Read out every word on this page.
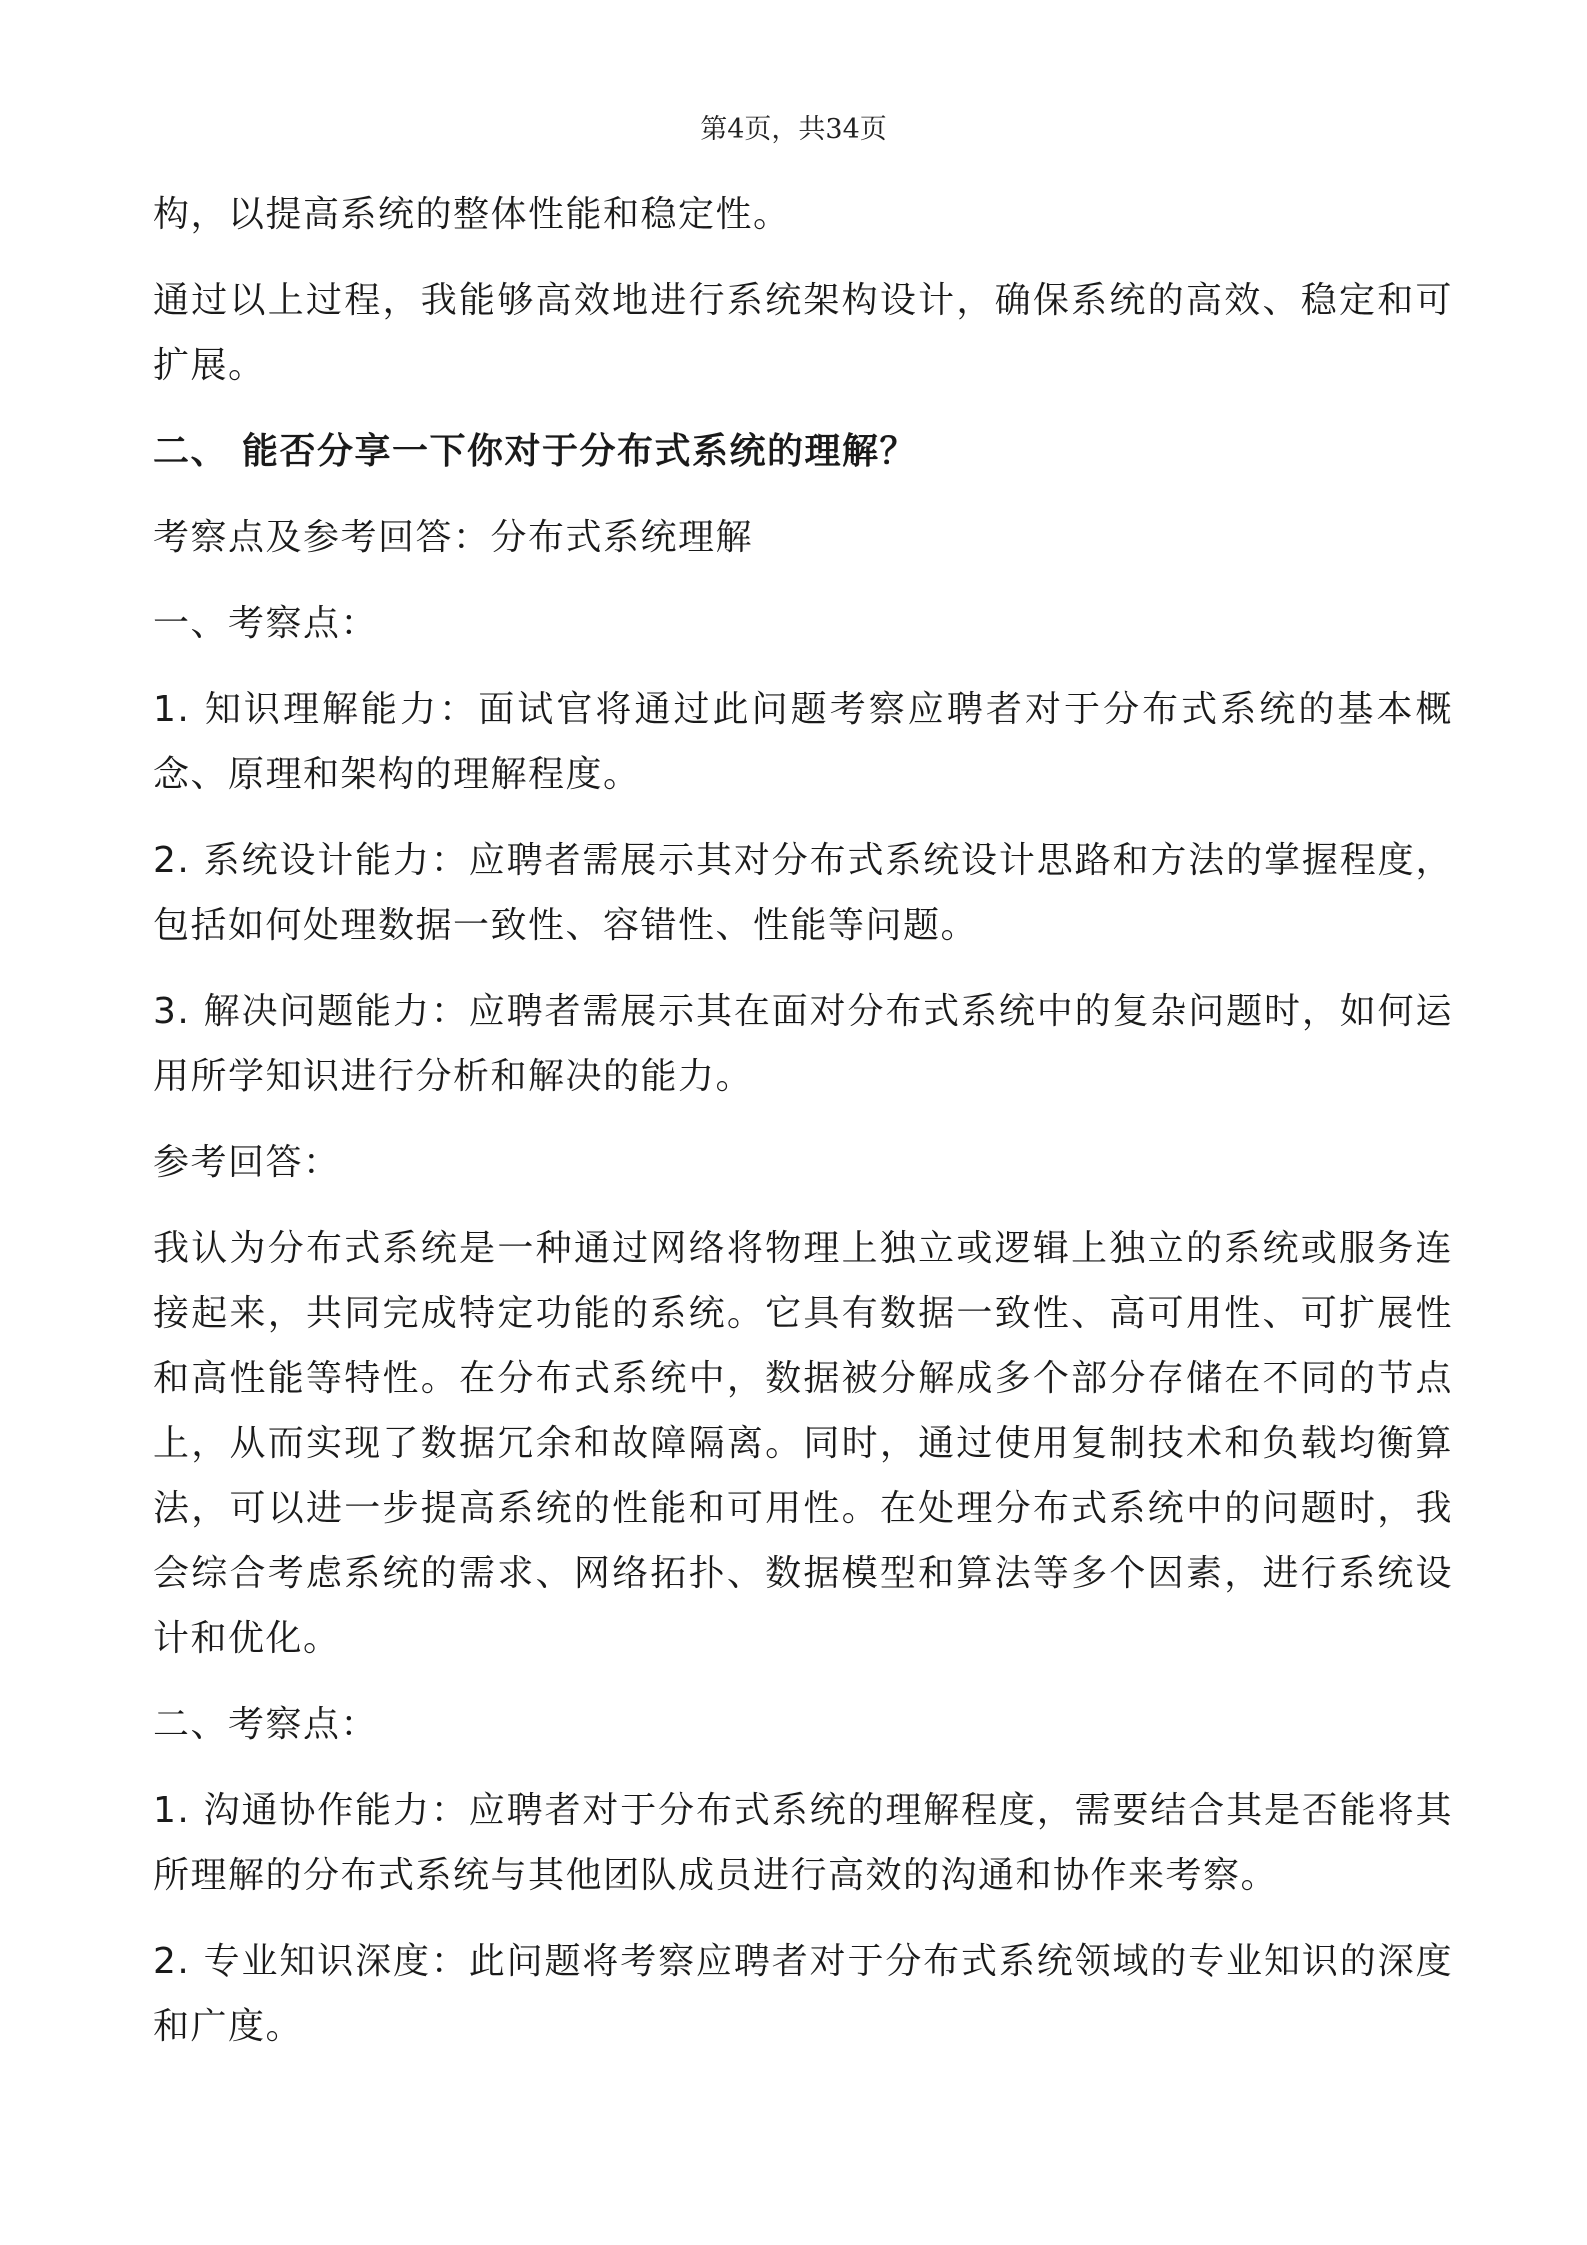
第4页，共34页

构，以提高系统的整体性能和稳定性。

通过以上过程，我能够高效地进行系统架构设计，确保系统的高效、稳定和可扩展。

二、 能否分享一下你对于分布式系统的理解？

考察点及参考回答：分布式系统理解

一、考察点：

1. 知识理解能力：面试官将通过此问题考察应聘者对于分布式系统的基本概念、原理和架构的理解程度。

2. 系统设计能力：应聘者需展示其对分布式系统设计思路和方法的掌握程度，包括如何处理数据一致性、容错性、性能等问题。

3. 解决问题能力：应聘者需展示其在面对分布式系统中的复杂问题时，如何运用所学知识进行分析和解决的能力。

参考回答：

我认为分布式系统是一种通过网络将物理上独立或逻辑上独立的系统或服务连接起来，共同完成特定功能的系统。它具有数据一致性、高可用性、可扩展性和高性能等特性。在分布式系统中，数据被分解成多个部分存储在不同的节点上，从而实现了数据冗余和故障隔离。同时，通过使用复制技术和负载均衡算法，可以进一步提高系统的性能和可用性。在处理分布式系统中的问题时，我会综合考虑系统的需求、网络拓扑、数据模型和算法等多个因素，进行系统设计和优化。

二、考察点：

1. 沟通协作能力：应聘者对于分布式系统的理解程度，需要结合其是否能将其所理解的分布式系统与其他团队成员进行高效的沟通和协作来考察。

2. 专业知识深度：此问题将考察应聘者对于分布式系统领域的专业知识的深度和广度。
